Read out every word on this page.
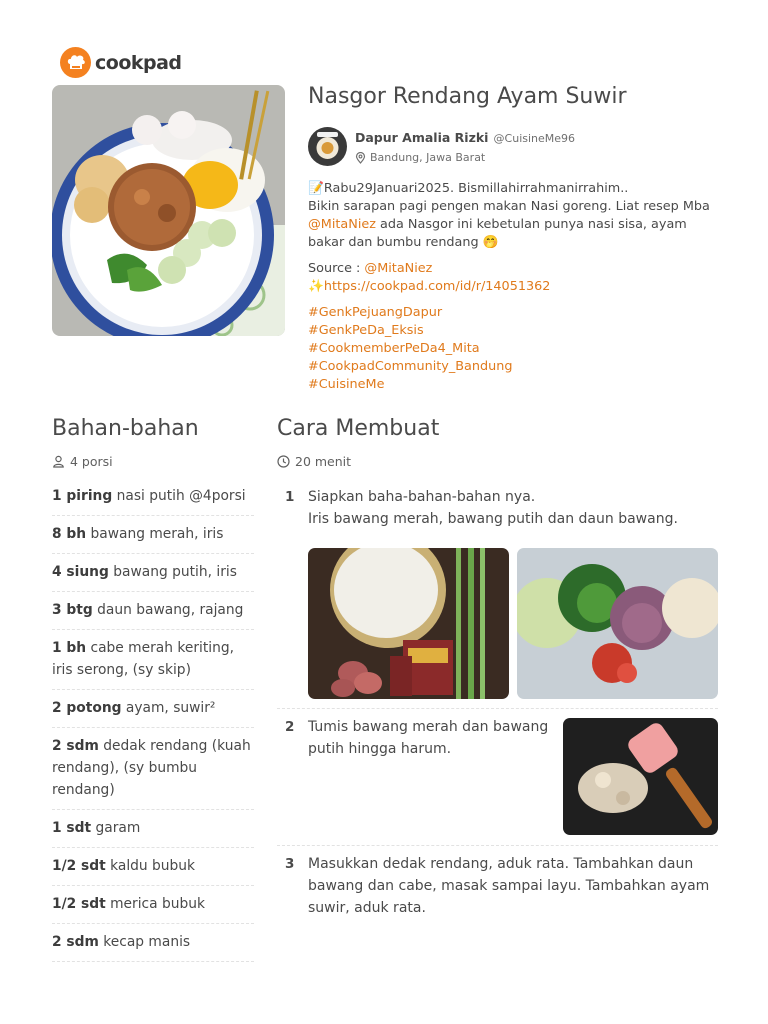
cookpad
Nasgor Rendang Ayam Suwir
Dapur Amalia Rizki @CuisineMe96
Bandung, Jawa Barat

📝Rabu29Januari2025. Bismillahirrahmanirrahim..

Bikin sarapan pagi pengen makan Nasi goreng. Liat resep Mba @MitaNiez ada Nasgor ini kebetulan punya nasi sisa, ayam bakar dan bumbu rendang 🤭

Source : @MitaNiez

✨https://cookpad.com/id/r/14051362

#GenkPejuangDapur

#GenkPeDa_Eksis

#CookmemberPeDa4_Mita

#CookpadCommunity_Bandung

#CuisineMe

Bahan-bahan
4 porsi
1 piring nasi putih @4porsi
8 bh bawang merah, iris
4 siung bawang putih, iris
3 btg daun bawang, rajang
1 bh cabe merah keriting, iris serong, (sy skip)
2 potong ayam, suwir²
2 sdm dedak rendang (kuah rendang), (sy bumbu rendang)
1 sdt garam
1/2 sdt kaldu bubuk
1/2 sdt merica bubuk
2 sdm kecap manis
Cara Membuat
20 menit
1 Siapkan baha-bahan-bahan nya.
Iris bawang merah, bawang putih dan daun bawang.
2 Tumis bawang merah dan bawang
putih hingga harum.
3 Masukkan dedak rendang, aduk rata. Tambahkan daun
bawang dan cabe, masak sampai layu. Tambahkan ayam
suwir, aduk rata.
